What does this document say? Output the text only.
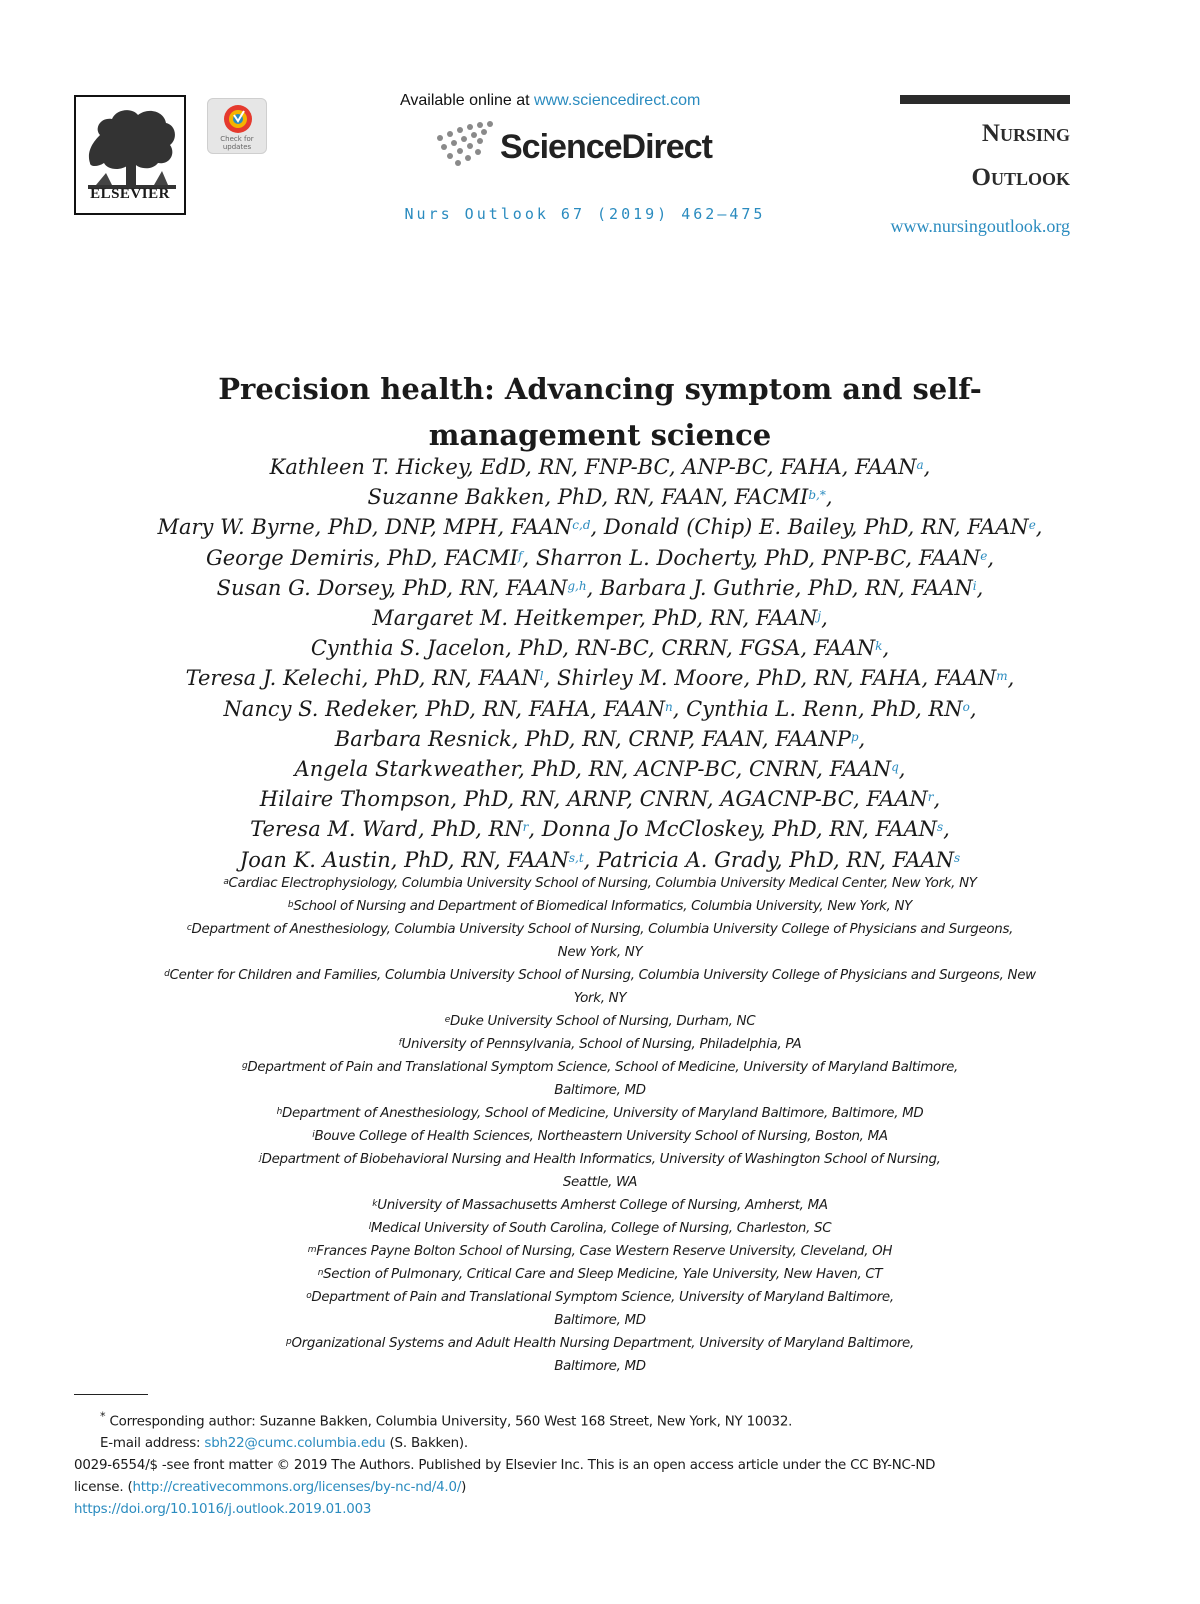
ELSEVIER
Check for updates
Available online at www.sciencedirect.com
ScienceDirect
Nurs Outlook 67 (2019) 462–475
Nursing
Outlook
www.nursingoutlook.org
Precision health: Advancing symptom and self-
management science
Kathleen T. Hickey, EdD, RN, FNP-BC, ANP-BC, FAHA, FAAN$^a$,
Suzanne Bakken, PhD, RN, FAAN, FACMI$^{b,*}$,
Mary W. Byrne, PhD, DNP, MPH, FAAN$^{c,d}$, Donald (Chip) E. Bailey, PhD, RN, FAAN$^e$,
George Demiris, PhD, FACMI$^f$, Sharron L. Docherty, PhD, PNP-BC, FAAN$^e$,
Susan G. Dorsey, PhD, RN, FAAN$^{g,h}$, Barbara J. Guthrie, PhD, RN, FAAN$^i$,
Margaret M. Heitkemper, PhD, RN, FAAN$^j$,
Cynthia S. Jacelon, PhD, RN-BC, CRRN, FGSA, FAAN$^k$,
Teresa J. Kelechi, PhD, RN, FAAN$^l$, Shirley M. Moore, PhD, RN, FAHA, FAAN$^m$,
Nancy S. Redeker, PhD, RN, FAHA, FAAN$^n$, Cynthia L. Renn, PhD, RN$^o$,
Barbara Resnick, PhD, RN, CRNP, FAAN, FAANP$^p$,
Angela Starkweather, PhD, RN, ACNP-BC, CNRN, FAAN$^q$,
Hilaire Thompson, PhD, RN, ARNP, CNRN, AGACNP-BC, FAAN$^r$,
Teresa M. Ward, PhD, RN$^r$, Donna Jo McCloskey, PhD, RN, FAAN$^s$,
Joan K. Austin, PhD, RN, FAAN$^{s,t}$, Patricia A. Grady, PhD, RN, FAAN$^s$
$^a$Cardiac Electrophysiology, Columbia University School of Nursing, Columbia University Medical Center, New York, NY
$^b$School of Nursing and Department of Biomedical Informatics, Columbia University, New York, NY
$^c$Department of Anesthesiology, Columbia University School of Nursing, Columbia University College of Physicians and Surgeons,
New York, NY
$^d$Center for Children and Families, Columbia University School of Nursing, Columbia University College of Physicians and Surgeons, New
York, NY
$^e$Duke University School of Nursing, Durham, NC
$^f$University of Pennsylvania, School of Nursing, Philadelphia, PA
$^g$Department of Pain and Translational Symptom Science, School of Medicine, University of Maryland Baltimore,
Baltimore, MD
$^h$Department of Anesthesiology, School of Medicine, University of Maryland Baltimore, Baltimore, MD
$^i$Bouve College of Health Sciences, Northeastern University School of Nursing, Boston, MA
$^j$Department of Biobehavioral Nursing and Health Informatics, University of Washington School of Nursing,
Seattle, WA
$^k$University of Massachusetts Amherst College of Nursing, Amherst, MA
$^l$Medical University of South Carolina, College of Nursing, Charleston, SC
$^m$Frances Payne Bolton School of Nursing, Case Western Reserve University, Cleveland, OH
$^n$Section of Pulmonary, Critical Care and Sleep Medicine, Yale University, New Haven, CT
$^o$Department of Pain and Translational Symptom Science, University of Maryland Baltimore,
Baltimore, MD
$^p$Organizational Systems and Adult Health Nursing Department, University of Maryland Baltimore,
Baltimore, MD
* Corresponding author: Suzanne Bakken, Columbia University, 560 West 168 Street, New York, NY 10032.
E-mail address: sbh22@cumc.columbia.edu (S. Bakken).
0029-6554/$ -see front matter © 2019 The Authors. Published by Elsevier Inc. This is an open access article under the CC BY-NC-ND
license. (http://creativecommons.org/licenses/by-nc-nd/4.0/)
https://doi.org/10.1016/j.outlook.2019.01.003
